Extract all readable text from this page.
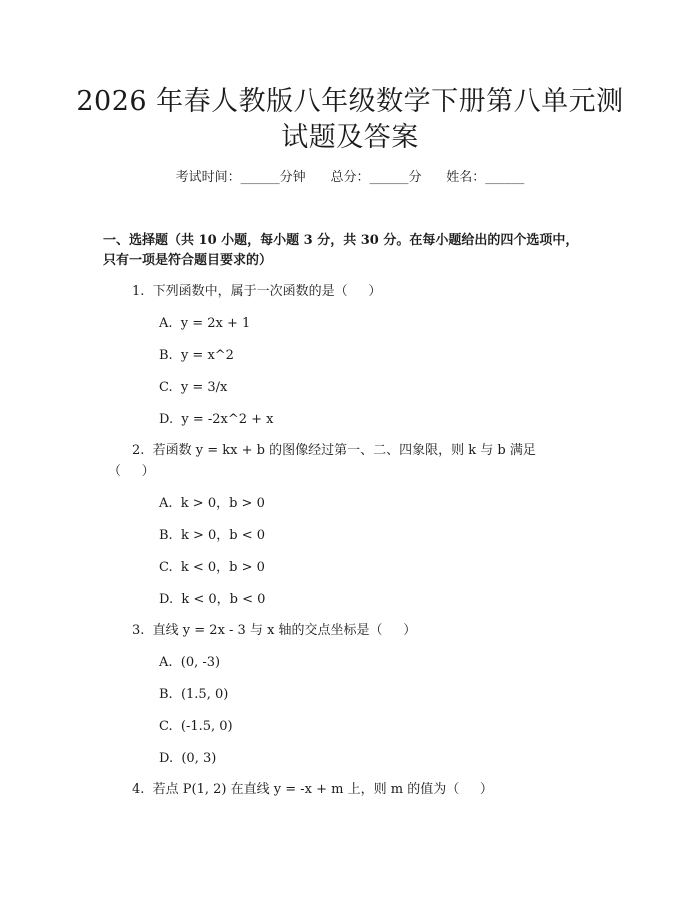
2026 年春人教版八年级数学下册第八单元测
试题及答案
考试时间：______分钟 总分：______分 姓名：______
一、选择题（共 10 小题，每小题 3 分，共 30 分。在每小题给出的四个选项中，
只有一项是符合题目要求的）
1.  下列函数中，属于一次函数的是（     ）
A.  y = 2x + 1
B.  y = x^2
C.  y = 3/x
D.  y = -2x^2 + x
2.  若函数 y = kx + b 的图像经过第一、二、四象限，则 k 与 b 满足
（     ）
A.  k > 0，b > 0
B.  k > 0，b < 0
C.  k < 0，b > 0
D.  k < 0，b < 0
3.  直线 y = 2x - 3 与 x 轴的交点坐标是（     ）
A.  (0, -3)
B.  (1.5, 0)
C.  (-1.5, 0)
D.  (0, 3)
4.  若点 P(1, 2) 在直线 y = -x + m 上，则 m 的值为（     ）
